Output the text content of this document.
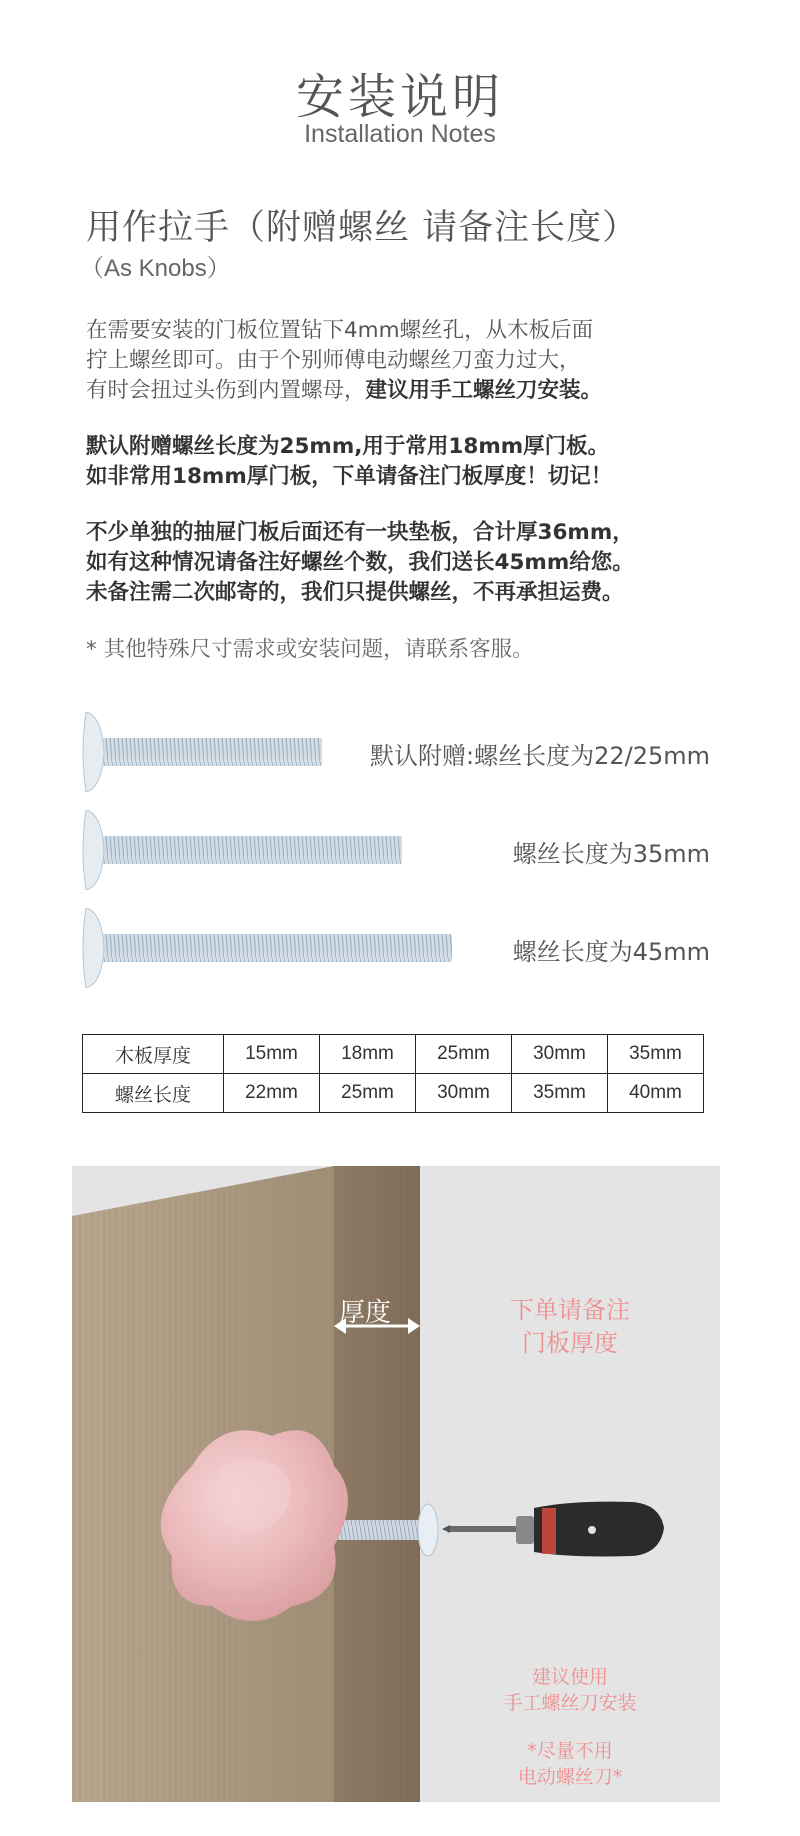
安装说明
Installation Notes
用作拉手（附赠螺丝 请备注长度）
（As Knobs）
在需要安装的门板位置钻下4mm螺丝孔，从木板后面
拧上螺丝即可。由于个别师傅电动螺丝刀蛮力过大，
有时会扭过头伤到内置螺母，建议用手工螺丝刀安装。
默认附赠螺丝长度为25mm,用于常用18mm厚门板。
如非常用18mm厚门板，下单请备注门板厚度！切记！
不少单独的抽屉门板后面还有一块垫板，合计厚36mm，
如有这种情况请备注好螺丝个数，我们送长45mm给您。
未备注需二次邮寄的，我们只提供螺丝，不再承担运费。
* 其他特殊尺寸需求或安装问题，请联系客服。
默认附赠:螺丝长度为22/25mm
螺丝长度为35mm
螺丝长度为45mm
木板厚度	15mm	18mm	25mm	30mm	35mm
螺丝长度	22mm	25mm	30mm	35mm	40mm
厚度	下单请备注
门板厚度
建议使用
手工螺丝刀安装
*尽量不用
电动螺丝刀*
